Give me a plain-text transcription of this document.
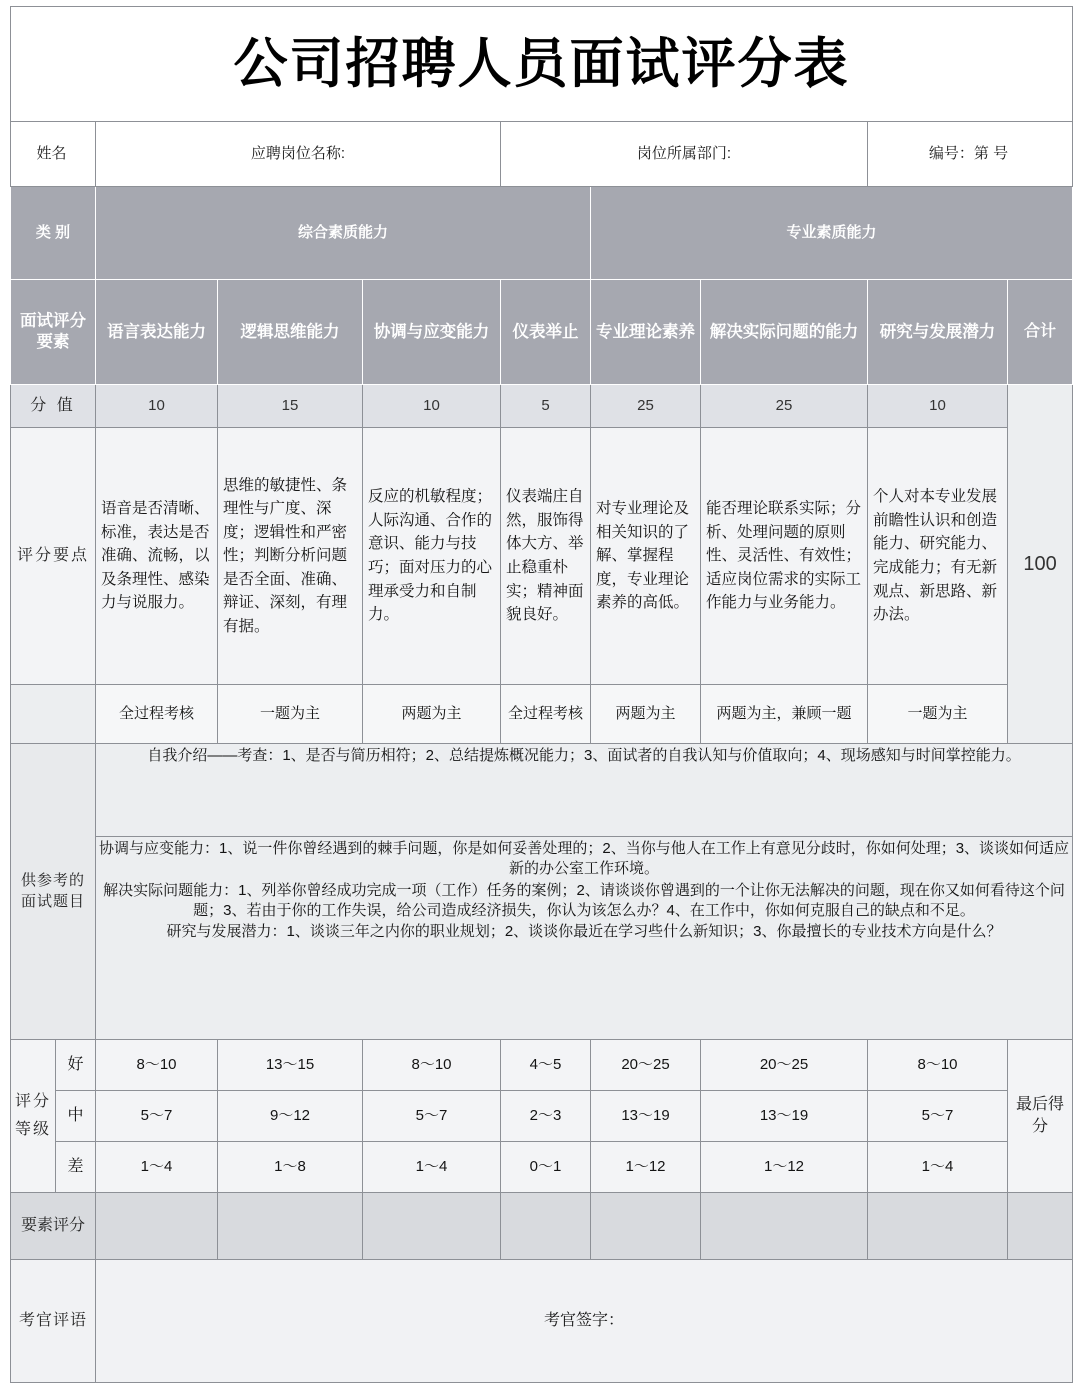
公司招聘人员面试评分表									

姓名		应聘岗位名称:			岗位所属部门:			编号：第 号	
类 别		综合素质能力				专业素质能力			
面试评分要素		语言表达能力	逻辑思维能力	协调与应变能力	仪表举止	专业理论素养	解决实际问题的能力	研究与发展潜力	合计
分 值		10	15	10	5	25	25	10	100
评分要点		语音是否清晰、标准，表达是否准确、流畅，以及条理性、感染力与说服力。	思维的敏捷性、条理性与广度、深度；逻辑性和严密性；判断分析问题是否全面、准确、辩证、深刻，有理有据。	反应的机敏程度；人际沟通、合作的意识、能力与技巧；面对压力的心理承受力和自制力。	仪表端庄自然，服饰得体大方、举止稳重朴实；精神面貌良好。	对专业理论及相关知识的了解、掌握程度，专业理论素养的高低。	能否理论联系实际；分析、处理问题的原则性、灵活性、有效性；适应岗位需求的实际工作能力与业务能力。	个人对本专业发展前瞻性认识和创造能力、研究能力、完成能力；有无新观点、新思路、新办法。	
		全过程考核	一题为主	两题为主	全过程考核	两题为主	两题为主，兼顾一题	一题为主	
供参考的面试题目		自我介绍——考查：1、是否与简历相符；2、总结提炼概况能力；3、面试者的自我认知与价值取向；4、现场感知与时间掌控能力。							

		协调与应变能力：1、说一件你曾经遇到的棘手问题，你是如何妥善处理的；2、当你与他人在工作上有意见分歧时，你如何处理；3、谈谈如何适应新的办公室工作环境。

解决实际问题能力：1、列举你曾经成功完成一项（工作）任务的案例；2、请谈谈你曾遇到的一个让你无法解决的问题，现在你又如何看待这个问题；3、若由于你的工作失误，给公司造成经济损失，你认为该怎么办？4、在工作中，你如何克服自己的缺点和不足。

研究与发展潜力：1、谈谈三年之内你的职业规划；2、谈谈你最近在学习些什么新知识；3、你最擅长的专业技术方向是什么？							

评分等级	好	8～10	13～15	8～10	4～5	20～25	20～25	8～10	最后得分
	中	5～7	9～12	5～7	2～3	13～19	13～19	5～7	
	差	1～4	1～8	1～4	0～1	1～12	1～12	1～4	
要素评分									
考官评语		考官签字：							
